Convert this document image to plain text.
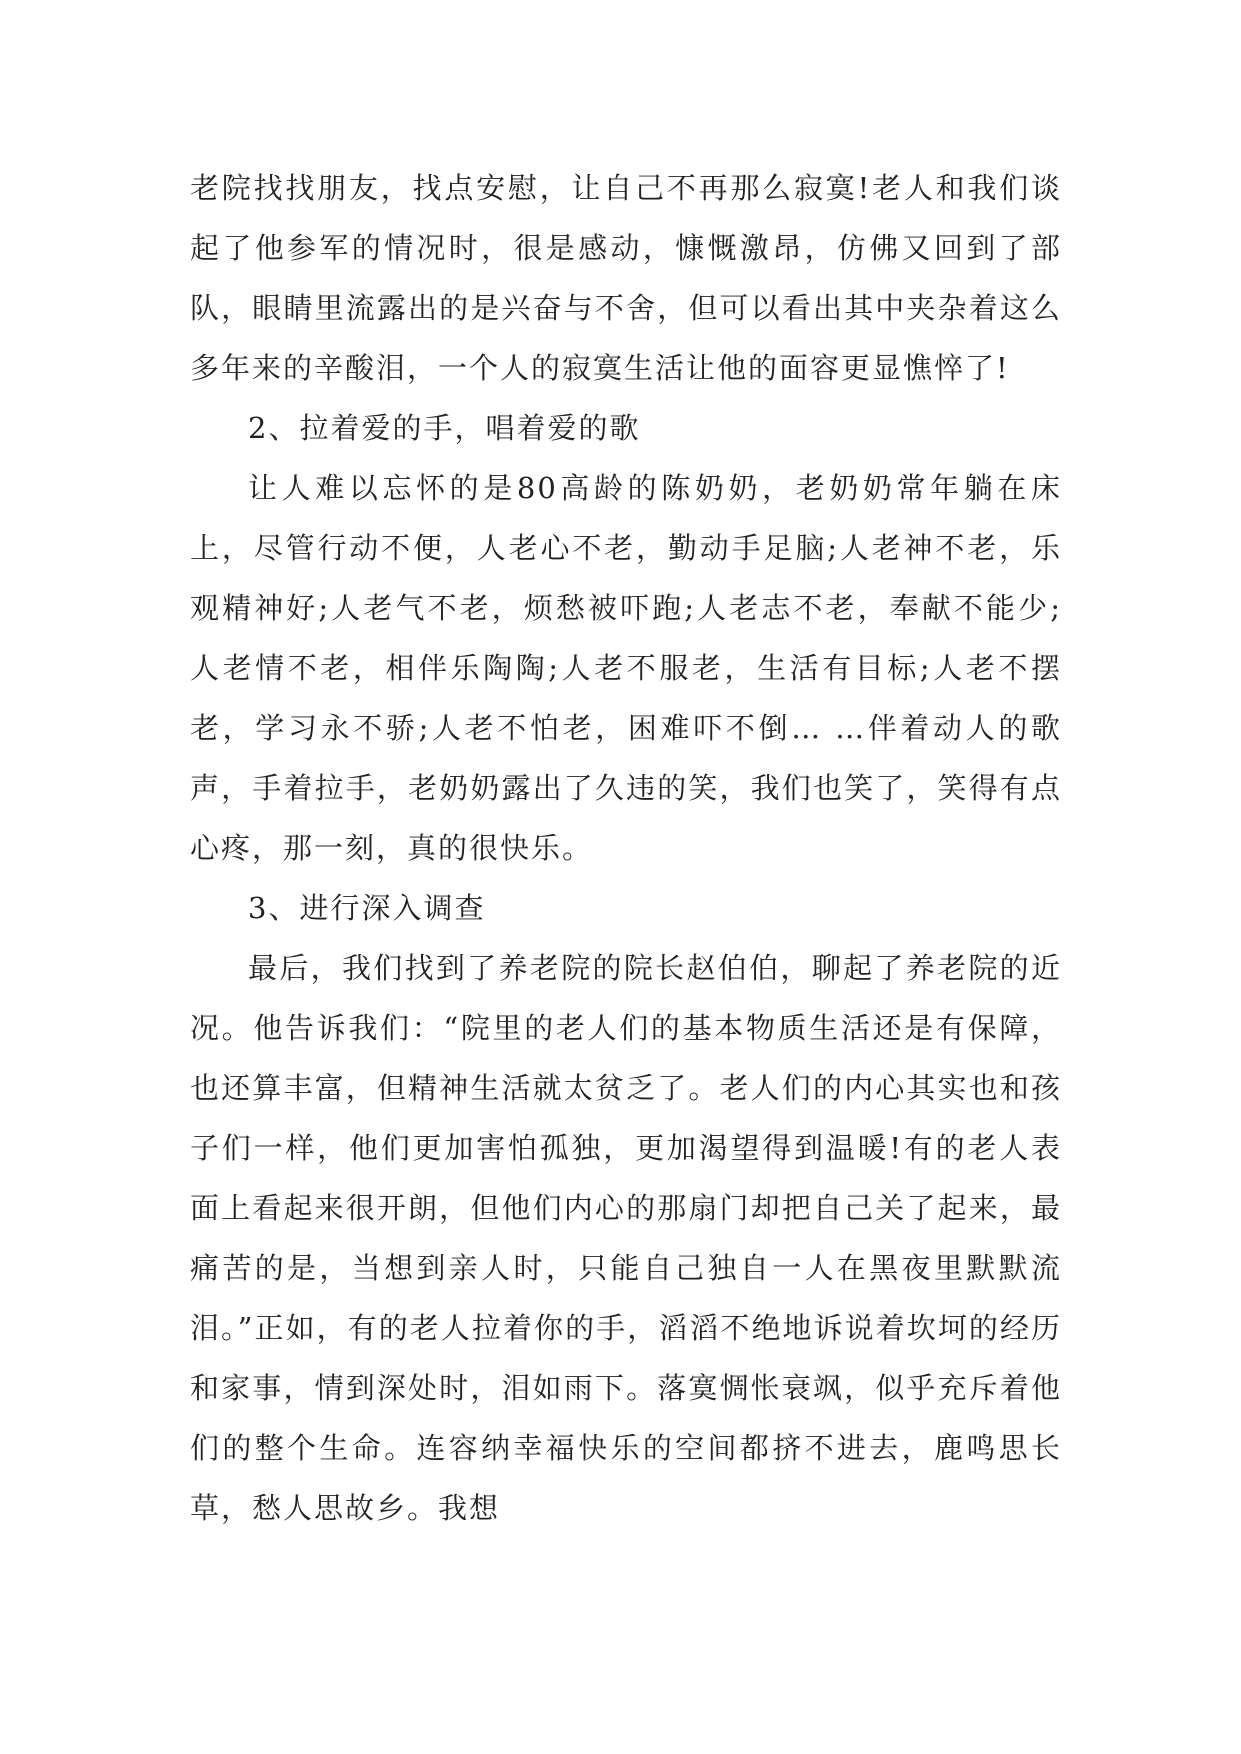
老院找找朋友，找点安慰，让自己不再那么寂寞!老人和我们谈起了他参军的情况时，很是感动，慷慨激昂，仿佛又回到了部队，眼睛里流露出的是兴奋与不舍，但可以看出其中夹杂着这么多年来的辛酸泪，一个人的寂寞生活让他的面容更显憔悴了!

2、拉着爱的手，唱着爱的歌

让人难以忘怀的是80高龄的陈奶奶，老奶奶常年躺在床上，尽管行动不便，人老心不老，勤动手足脑;人老神不老，乐观精神好;人老气不老，烦愁被吓跑;人老志不老，奉献不能少;人老情不老，相伴乐陶陶;人老不服老，生活有目标;人老不摆老，学习永不骄;人老不怕老，困难吓不倒… …伴着动人的歌声，手着拉手，老奶奶露出了久违的笑，我们也笑了，笑得有点心疼，那一刻，真的很快乐。

3、进行深入调查

最后，我们找到了养老院的院长赵伯伯，聊起了养老院的近况。他告诉我们：“院里的老人们的基本物质生活还是有保障，也还算丰富，但精神生活就太贫乏了。老人们的内心其实也和孩子们一样，他们更加害怕孤独，更加渴望得到温暖!有的老人表面上看起来很开朗，但他们内心的那扇门却把自己关了起来，最痛苦的是，当想到亲人时，只能自己独自一人在黑夜里默默流泪。”正如，有的老人拉着你的手，滔滔不绝地诉说着坎坷的经历和家事，情到深处时，泪如雨下。落寞惆怅衰飒，似乎充斥着他们的整个生命。连容纳幸福快乐的空间都挤不进去，鹿鸣思长草，愁人思故乡。我想
